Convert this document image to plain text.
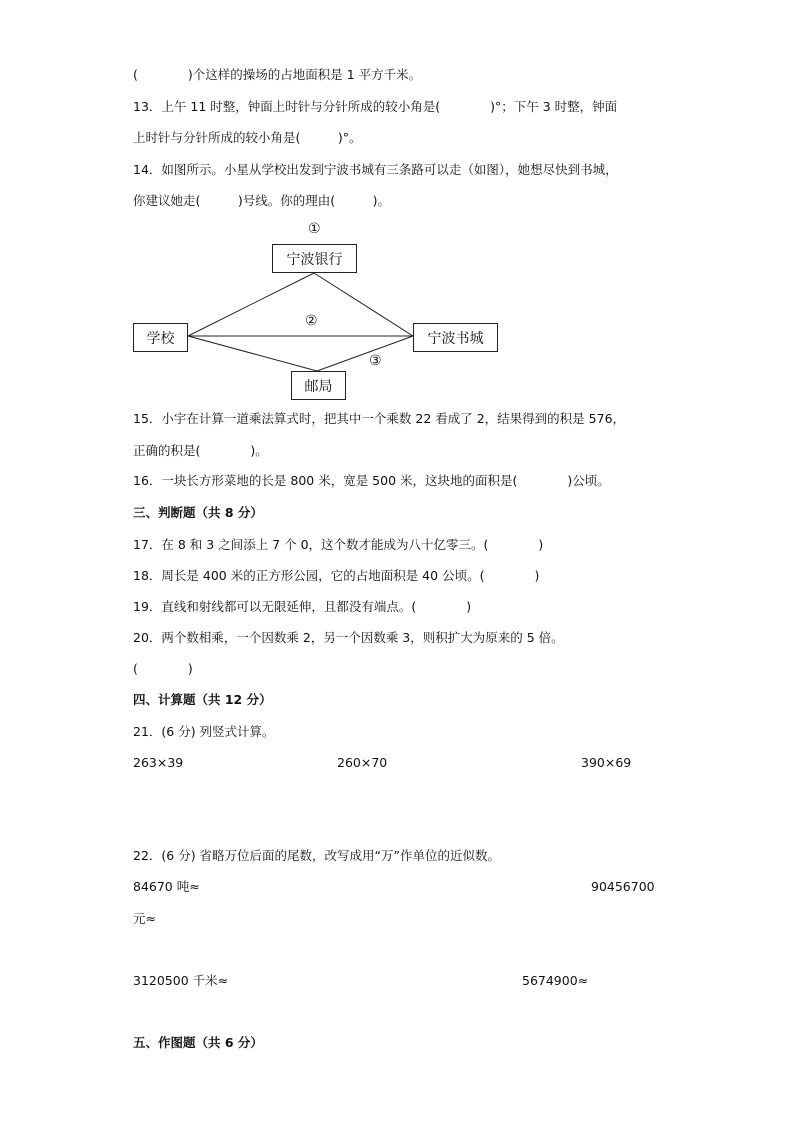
(　　　　)个这样的操场的占地面积是 1 平方千米。
13．上午 11 时整，钟面上时针与分针所成的较小角是(　　　　)°；下午 3 时整，钟面
上时针与分针所成的较小角是(　　　)°。
14．如图所示。小星从学校出发到宁波书城有三条路可以走（如图），她想尽快到书城，
你建议她走(　　　)号线。你的理由(　　　)。
①
宁波银行
②
学校	宁波书城
③
邮局
15．小宇在计算一道乘法算式时，把其中一个乘数 22 看成了 2，结果得到的积是 576，
正确的积是(　　　　)。
16．一块长方形菜地的长是 800 米，宽是 500 米，这块地的面积是(　　　　)公顷。
三、判断题（共 8 分）
17．在 8 和 3 之间添上 7 个 0，这个数才能成为八十亿零三。(　　　　)
18．周长是 400 米的正方形公园，它的占地面积是 40 公顷。(　　　　)
19．直线和射线都可以无限延伸，且都没有端点。(　　　　)
20．两个数相乘，一个因数乘 2，另一个因数乘 3，则积扩大为原来的 5 倍。
(　　　　)
四、计算题（共 12 分）
21．(6 分) 列竖式计算。
263×39	260×70	390×69
22．(6 分) 省略万位后面的尾数，改写成用“万”作单位的近似数。
84670 吨≈	90456700
元≈
3120500 千米≈	5674900≈
五、作图题（共 6 分）
